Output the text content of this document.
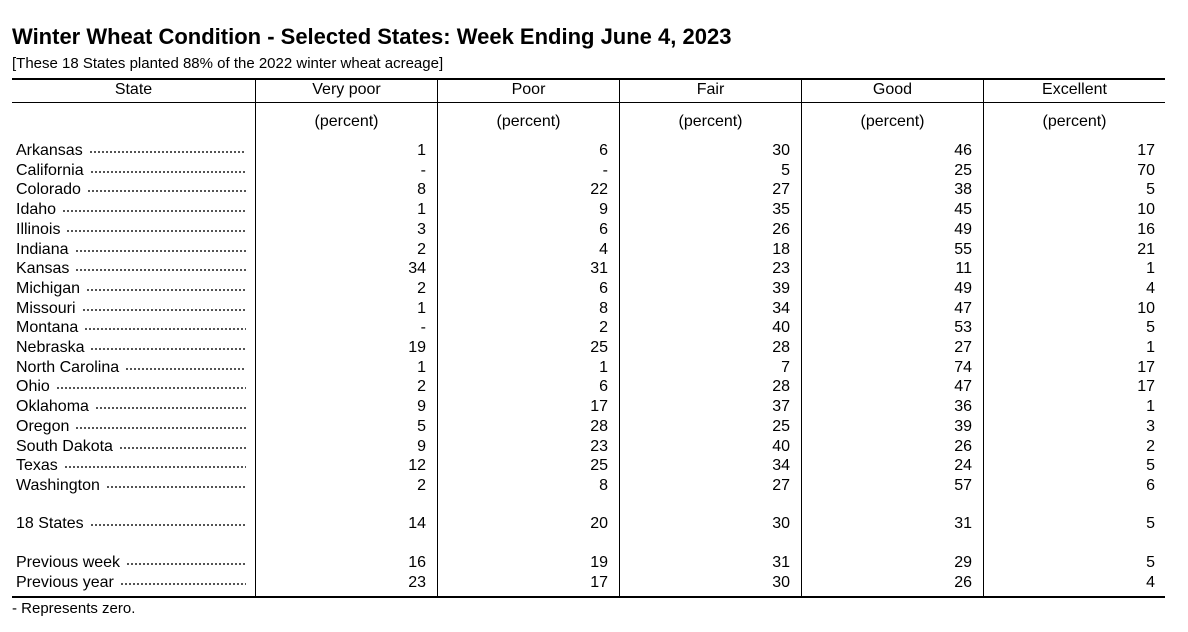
Winter Wheat Condition - Selected States: Week Ending June 4, 2023
[These 18 States planted 88% of the 2022 winter wheat acreage]
State	Very poor	Poor	Fair	Good	Excellent
(percent)	(percent)	(percent)	(percent)	(percent)
Arkansas	1	6	30	46	17
California	-	-	5	25	70
Colorado	8	22	27	38	5
Idaho	1	9	35	45	10
Illinois	3	6	26	49	16
Indiana	2	4	18	55	21
Kansas	34	31	23	11	1
Michigan	2	6	39	49	4
Missouri	1	8	34	47	10
Montana	-	2	40	53	5
Nebraska	19	25	28	27	1
North Carolina	1	1	7	74	17
Ohio	2	6	28	47	17
Oklahoma	9	17	37	36	1
Oregon	5	28	25	39	3
South Dakota	9	23	40	26	2
Texas	12	25	34	24	5
Washington	2	8	27	57	6
18 States	14	20	30	31	5
Previous week	16	19	31	29	5
Previous year	23	17	30	26	4
- Represents zero.
